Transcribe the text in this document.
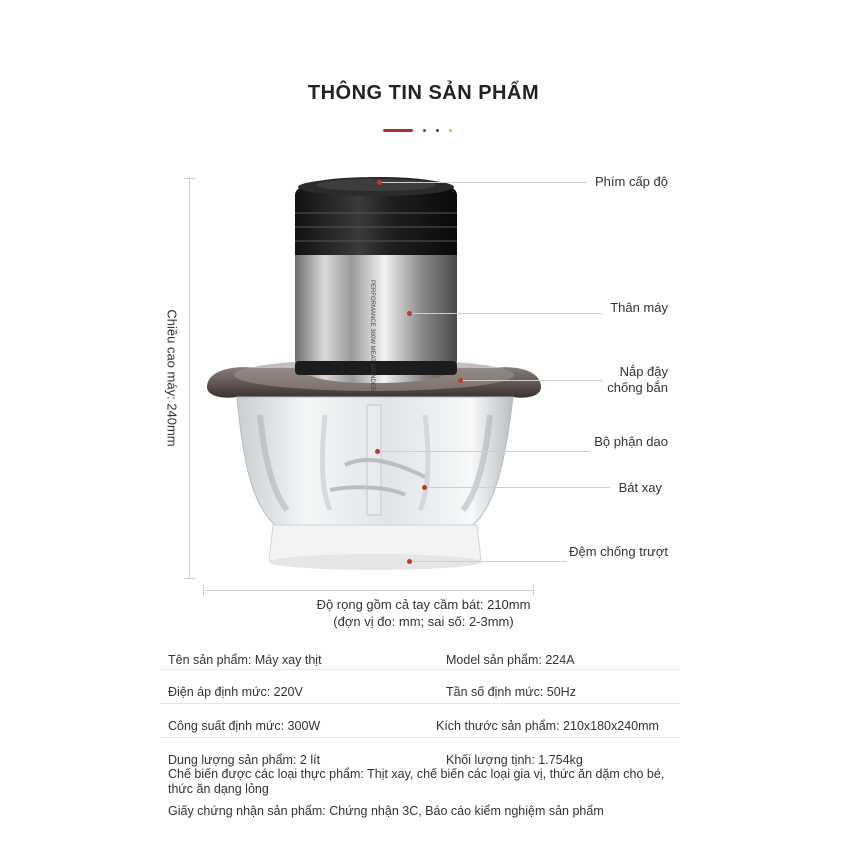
THÔNG TIN SẢN PHẨM
Chiều cao máy: 240mm	PERFORMANCE 300W MEAT GRINDER
Phím cấp độ
Thân máy
Nắp đậy
chống bắn
Bộ phận dao
Bát xay
Đệm chống trượt
Độ rọng gồm cả tay cầm bát: 210mm
(đợn vị đo: mm; sai số: 2-3mm)
Tên sản phẩm: Máy xay thịt	Model sản phẩm: 224A
Điện áp định mức: 220V	Tần số định mức: 50Hz
Công suất định mức: 300W	Kích thước sản phẩm: 210x180x240mm
Dung lượng sản phẩm: 2 lít	Khối lượng tịnh: 1.754kg
Chế biến được các loại thực phẩm: Thịt xay, chế biến các loại gia vị, thức ăn dặm cho bé, thức ăn dạng lỏng
Giấy chứng nhận sản phẩm: Chứng nhận 3C, Báo cáo kiểm nghiệm sản phẩm
